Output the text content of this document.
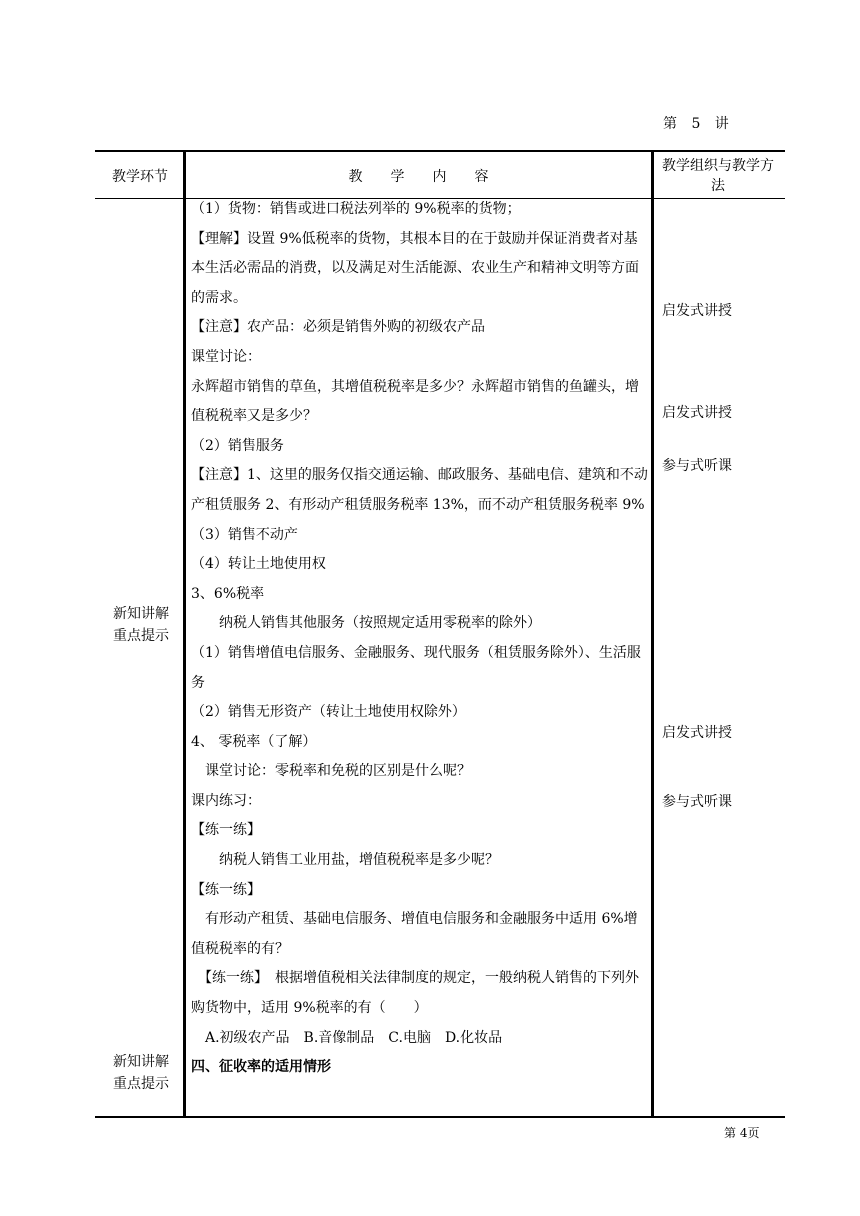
第 5 讲
教学环节	教　　学　　内　　容
教学组织与教学方法
新知讲解
重点提示
新知讲解
重点提示

（1）货物：销售或进口税法列举的 9%税率的货物；

【理解】设置 9%低税率的货物，其根本目的在于鼓励并保证消费者对基本生活必需品的消费，以及满足对生活能源、农业生产和精神文明等方面的需求。

【注意】农产品：必须是销售外购的初级农产品

课堂讨论：

永辉超市销售的草鱼，其增值税税率是多少？永辉超市销售的鱼罐头，增值税税率又是多少？

（2）销售服务

【注意】1、这里的服务仅指交通运输、邮政服务、基础电信、建筑和不动产租赁服务 2、有形动产租赁服务税率 13%，而不动产租赁服务税率 9%

（3）销售不动产

（4）转让土地使用权

3、6%税率

　　纳税人销售其他服务（按照规定适用零税率的除外）

（1）销售增值电信服务、金融服务、现代服务（租赁服务除外）、生活服务

（2）销售无形资产（转让土地使用权除外）

4、 零税率（了解）

　课堂讨论：零税率和免税的区别是什么呢？

课内练习：

【练一练】

　　纳税人销售工业用盐，增值税税率是多少呢？

【练一练】

　有形动产租赁、基础电信服务、增值电信服务和金融服务中适用 6%增值税税率的有？

　【练一练】　根据增值税相关法律制度的规定，一般纳税人销售的下列外购货物中，适用 9%税率的有（　　）

　A.初级农产品　B.音像制品　C.电脑　D.化妆品

四、征收率的适用情形

启发式讲授
启发式讲授
参与式听课
启发式讲授
参与式听课
第 4页
